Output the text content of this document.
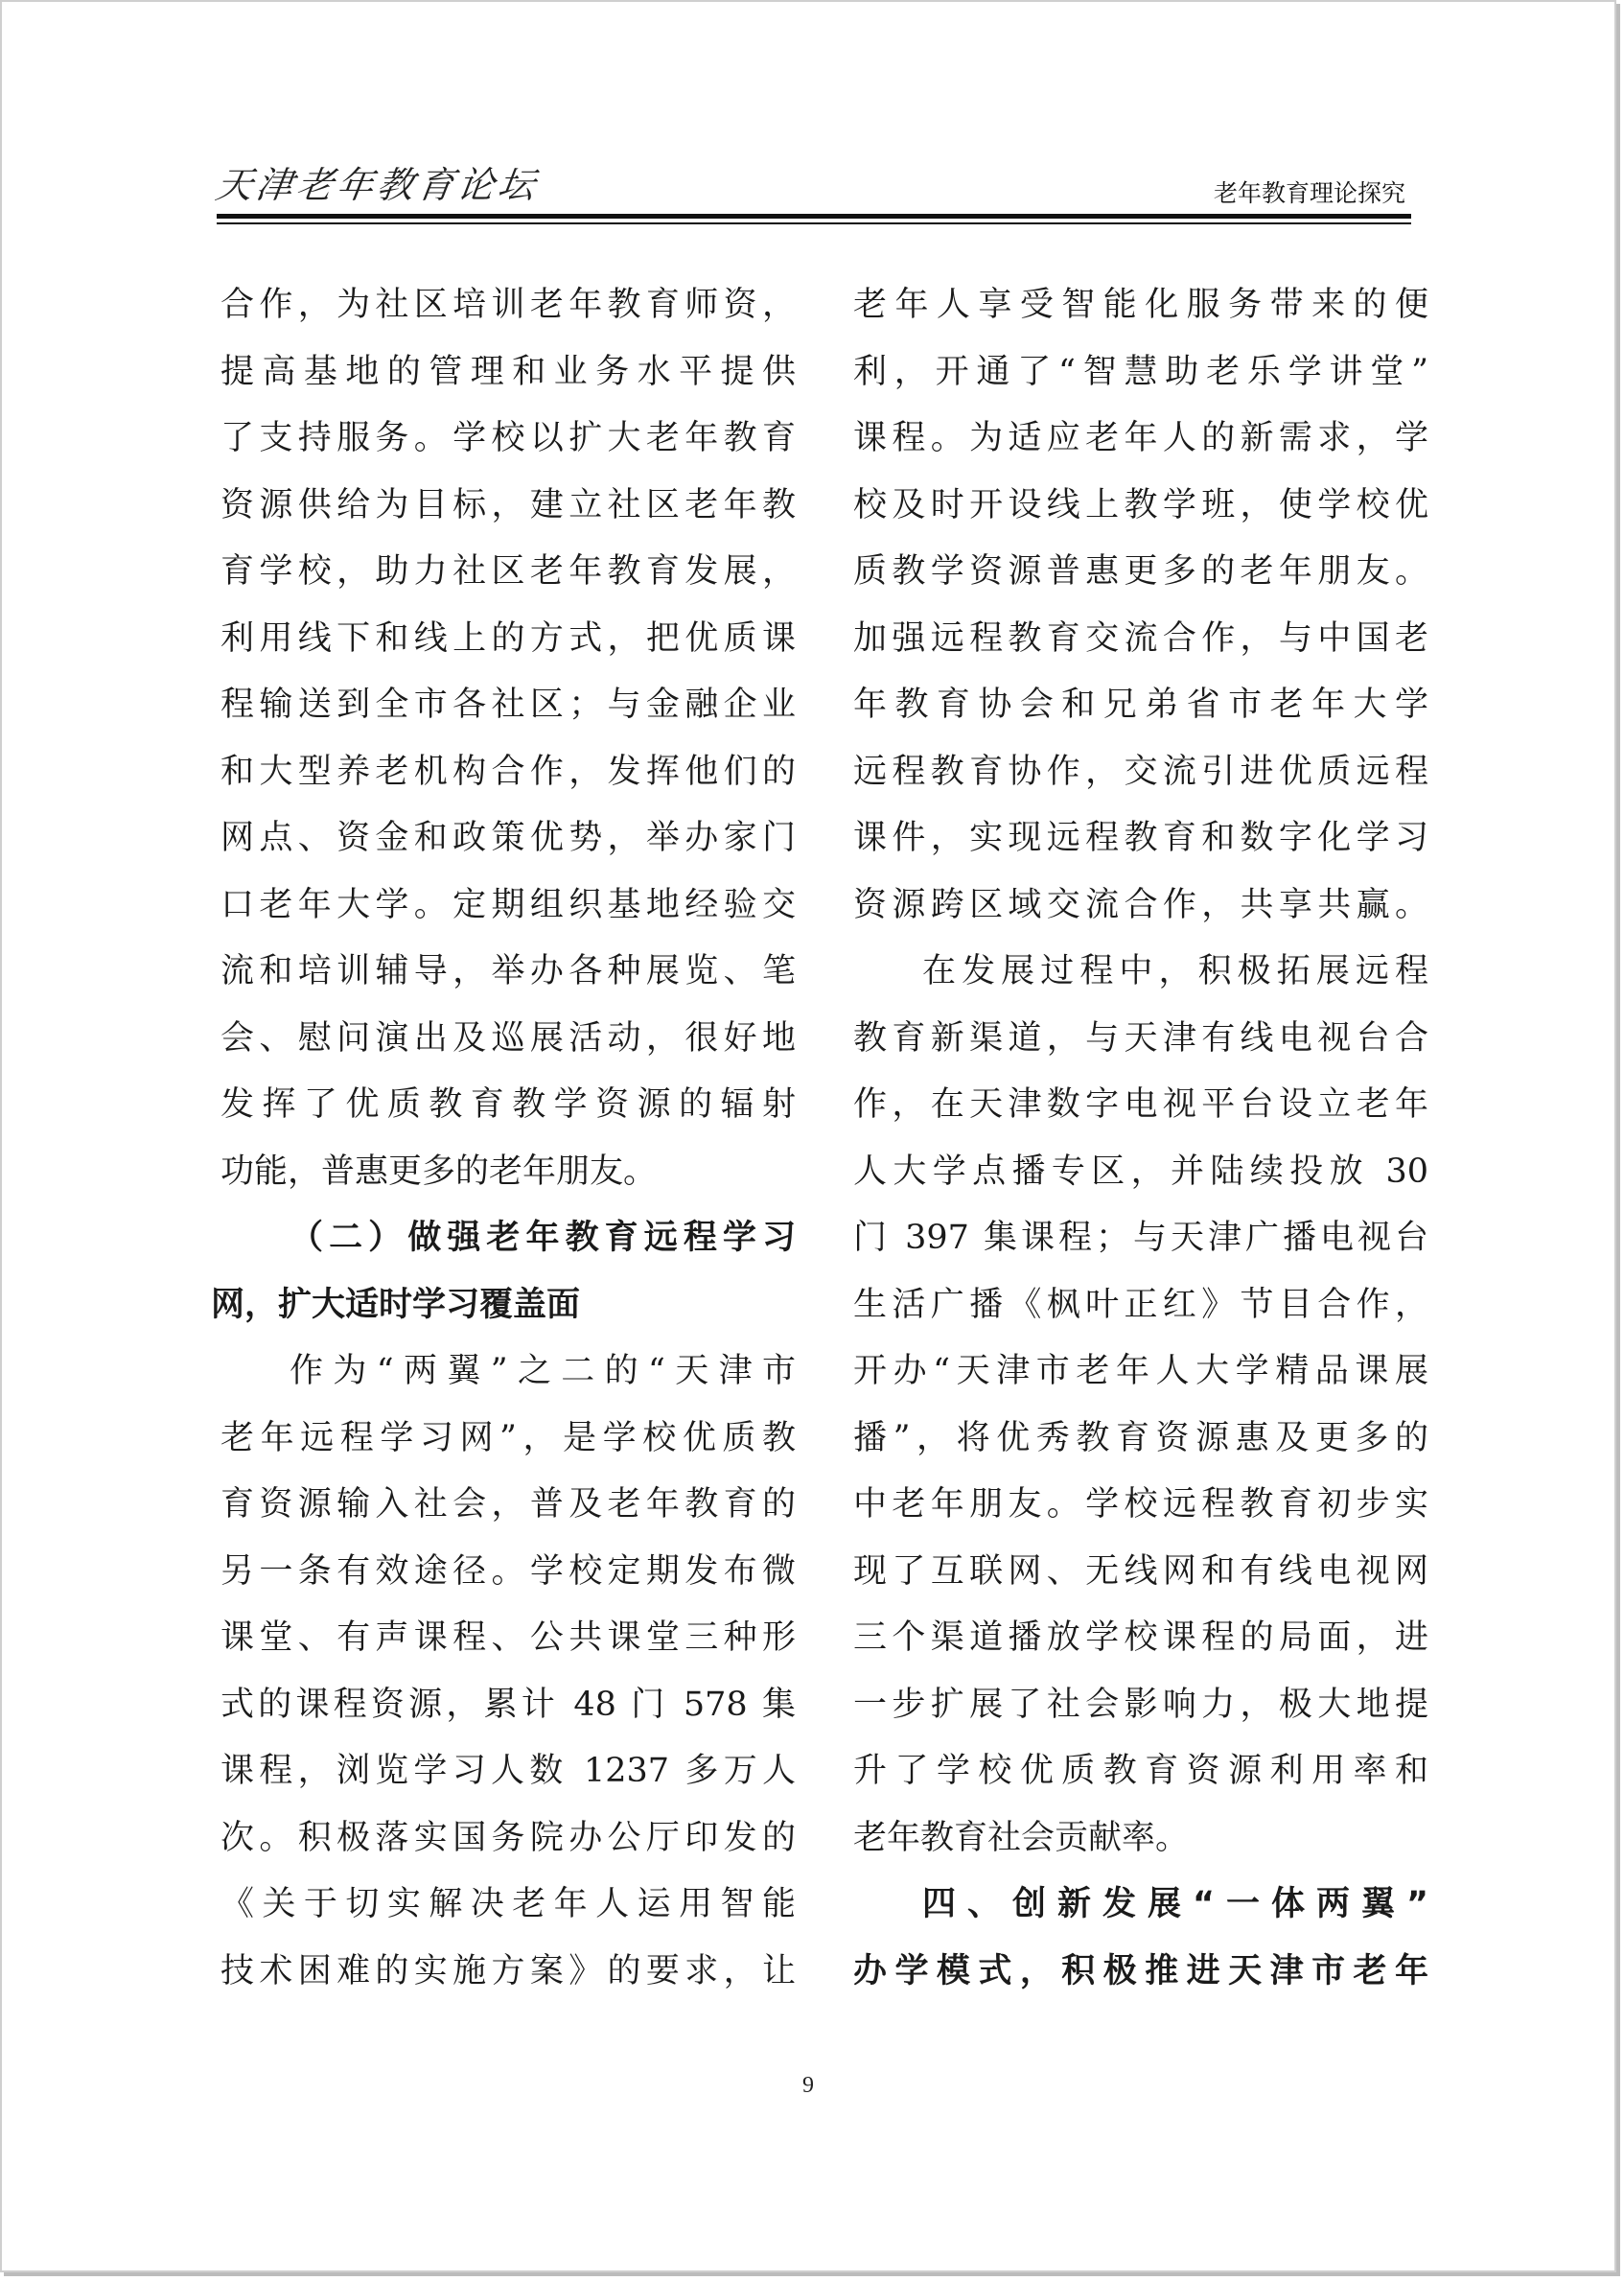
天津老年教育论坛	老年教育理论探究
合作，为社区培训老年教育师资，
提高基地的管理和业务水平提供
了支持服务。学校以扩大老年教育
资源供给为目标，建立社区老年教
育学校，助力社区老年教育发展，
利用线下和线上的方式，把优质课
程输送到全市各社区；与金融企业
和大型养老机构合作，发挥他们的
网点、资金和政策优势，举办家门
口老年大学。定期组织基地经验交
流和培训辅导，举办各种展览、笔
会、慰问演出及巡展活动，很好地
发挥了优质教育教学资源的辐射
功能，普惠更多的老年朋友。
（二）做强老年教育远程学习
网，扩大适时学习覆盖面
作为“两翼”之二的“天津市
老年远程学习网”，是学校优质教
育资源输入社会，普及老年教育的
另一条有效途径。学校定期发布微
课堂、有声课程、公共课堂三种形
式的课程资源，累计 48 门 578 集
课程，浏览学习人数 1237 多万人
次。积极落实国务院办公厅印发的
《关于切实解决老年人运用智能
技术困难的实施方案》的要求，让
老年人享受智能化服务带来的便
利，开通了“智慧助老乐学讲堂”
课程。为适应老年人的新需求，学
校及时开设线上教学班，使学校优
质教学资源普惠更多的老年朋友。
加强远程教育交流合作，与中国老
年教育协会和兄弟省市老年大学
远程教育协作，交流引进优质远程
课件，实现远程教育和数字化学习
资源跨区域交流合作，共享共赢。
在发展过程中，积极拓展远程
教育新渠道，与天津有线电视台合
作，在天津数字电视平台设立老年
人大学点播专区，并陆续投放 30
门 397 集课程；与天津广播电视台
生活广播《枫叶正红》节目合作，
开办“天津市老年人大学精品课展
播”，将优秀教育资源惠及更多的
中老年朋友。学校远程教育初步实
现了互联网、无线网和有线电视网
三个渠道播放学校课程的局面，进
一步扩展了社会影响力，极大地提
升了学校优质教育资源利用率和
老年教育社会贡献率。
四、创新发展“一体两翼”
办学模式，积极推进天津市老年
9
